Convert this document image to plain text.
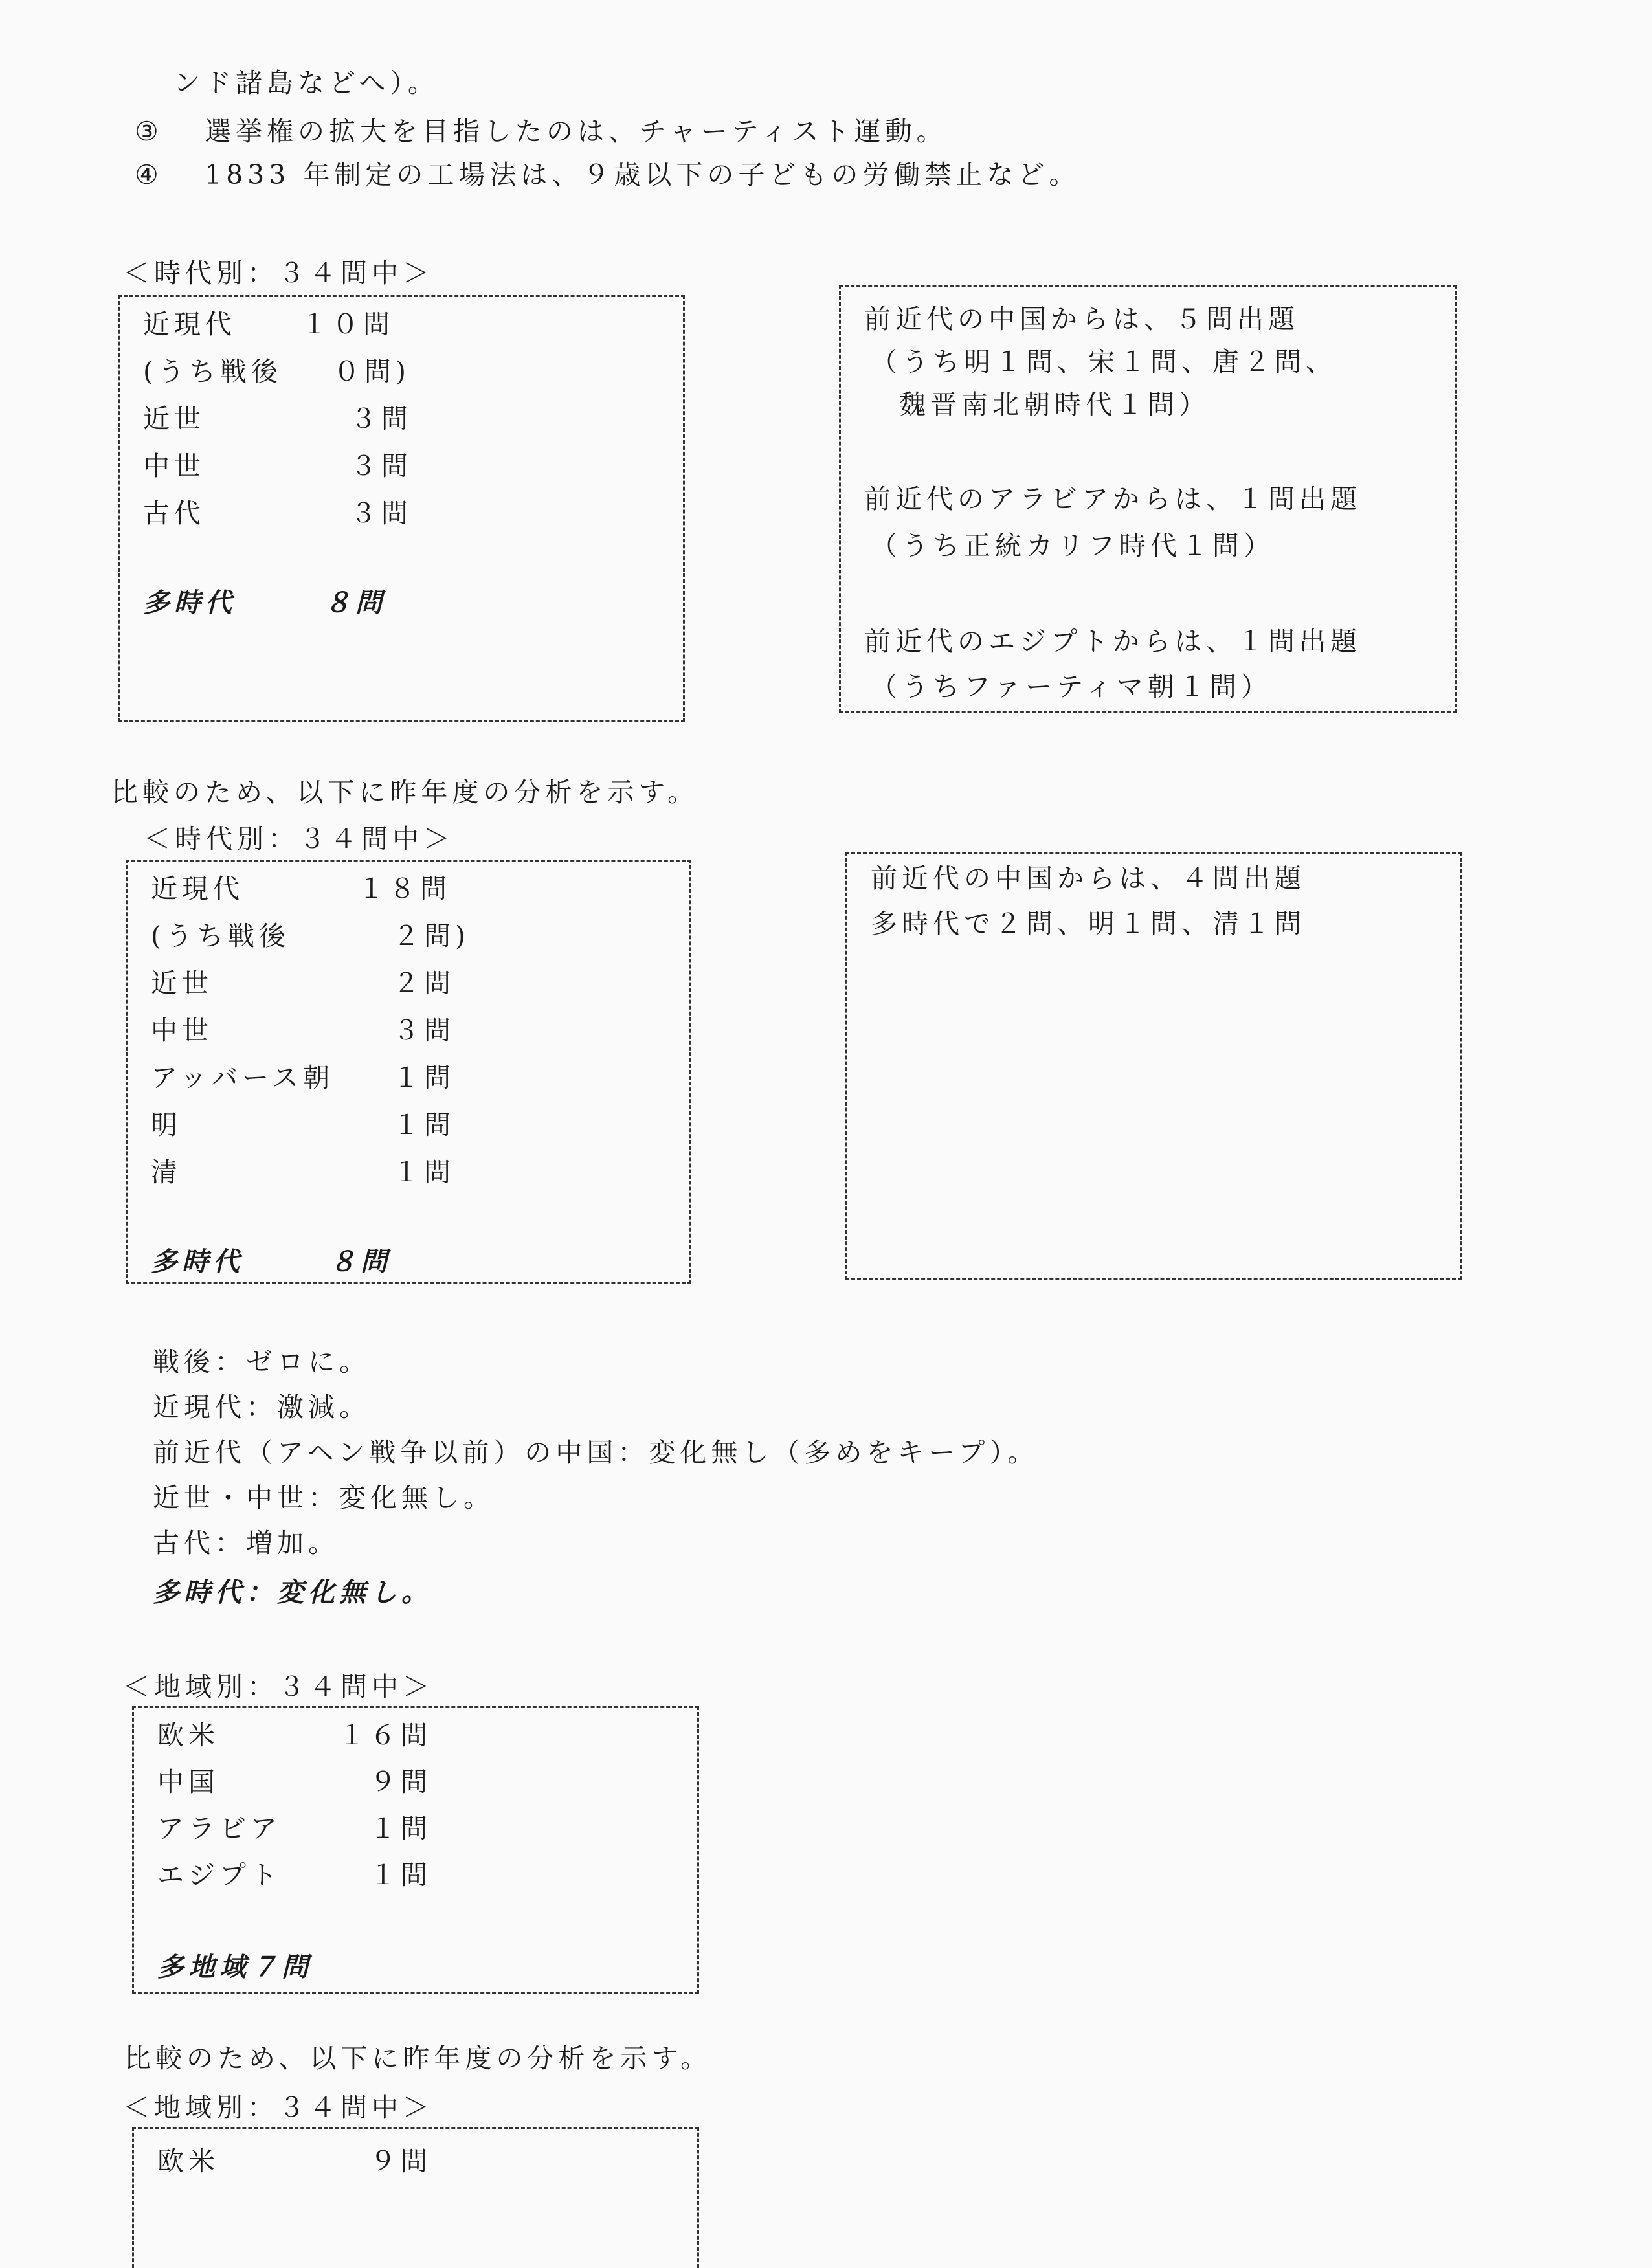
ンド諸島などへ）。
③ 選挙権の拡大を目指したのは、チャーティスト運動。
④ 1833 年制定の工場法は、９歳以下の子どもの労働禁止など。
＜時代別：３４問中＞
近現代 １０問
(うち戦後 ０問)
近世	３問
中世	３問
古代	３問
多時代	８問
前近代の中国からは、５問出題
（うち明１問、宋１問、唐２問、
魏晋南北朝時代１問）
前近代のアラビアからは、１問出題
（うち正統カリフ時代１問）
前近代のエジプトからは、１問出題
（うちファーティマ朝１問）
比較のため、以下に昨年度の分析を示す。
＜時代別：３４問中＞
近現代	１８問
(うち戦後	２問)
近世	２問
中世	３問
アッバース朝 １問
明	１問
清	１問
多時代	８問
前近代の中国からは、４問出題
多時代で２問、明１問、清１問
戦後：ゼロに。
近現代：激減。
前近代（アヘン戦争以前）の中国：変化無し（多めをキープ）。
近世・中世：変化無し。
古代：増加。
多時代：変化無し。
＜地域別：３４問中＞
欧米	１６問
中国	９問
アラビア	１問
エジプト	１問
多地域７問
比較のため、以下に昨年度の分析を示す。
＜地域別：３４問中＞
欧米	９問
